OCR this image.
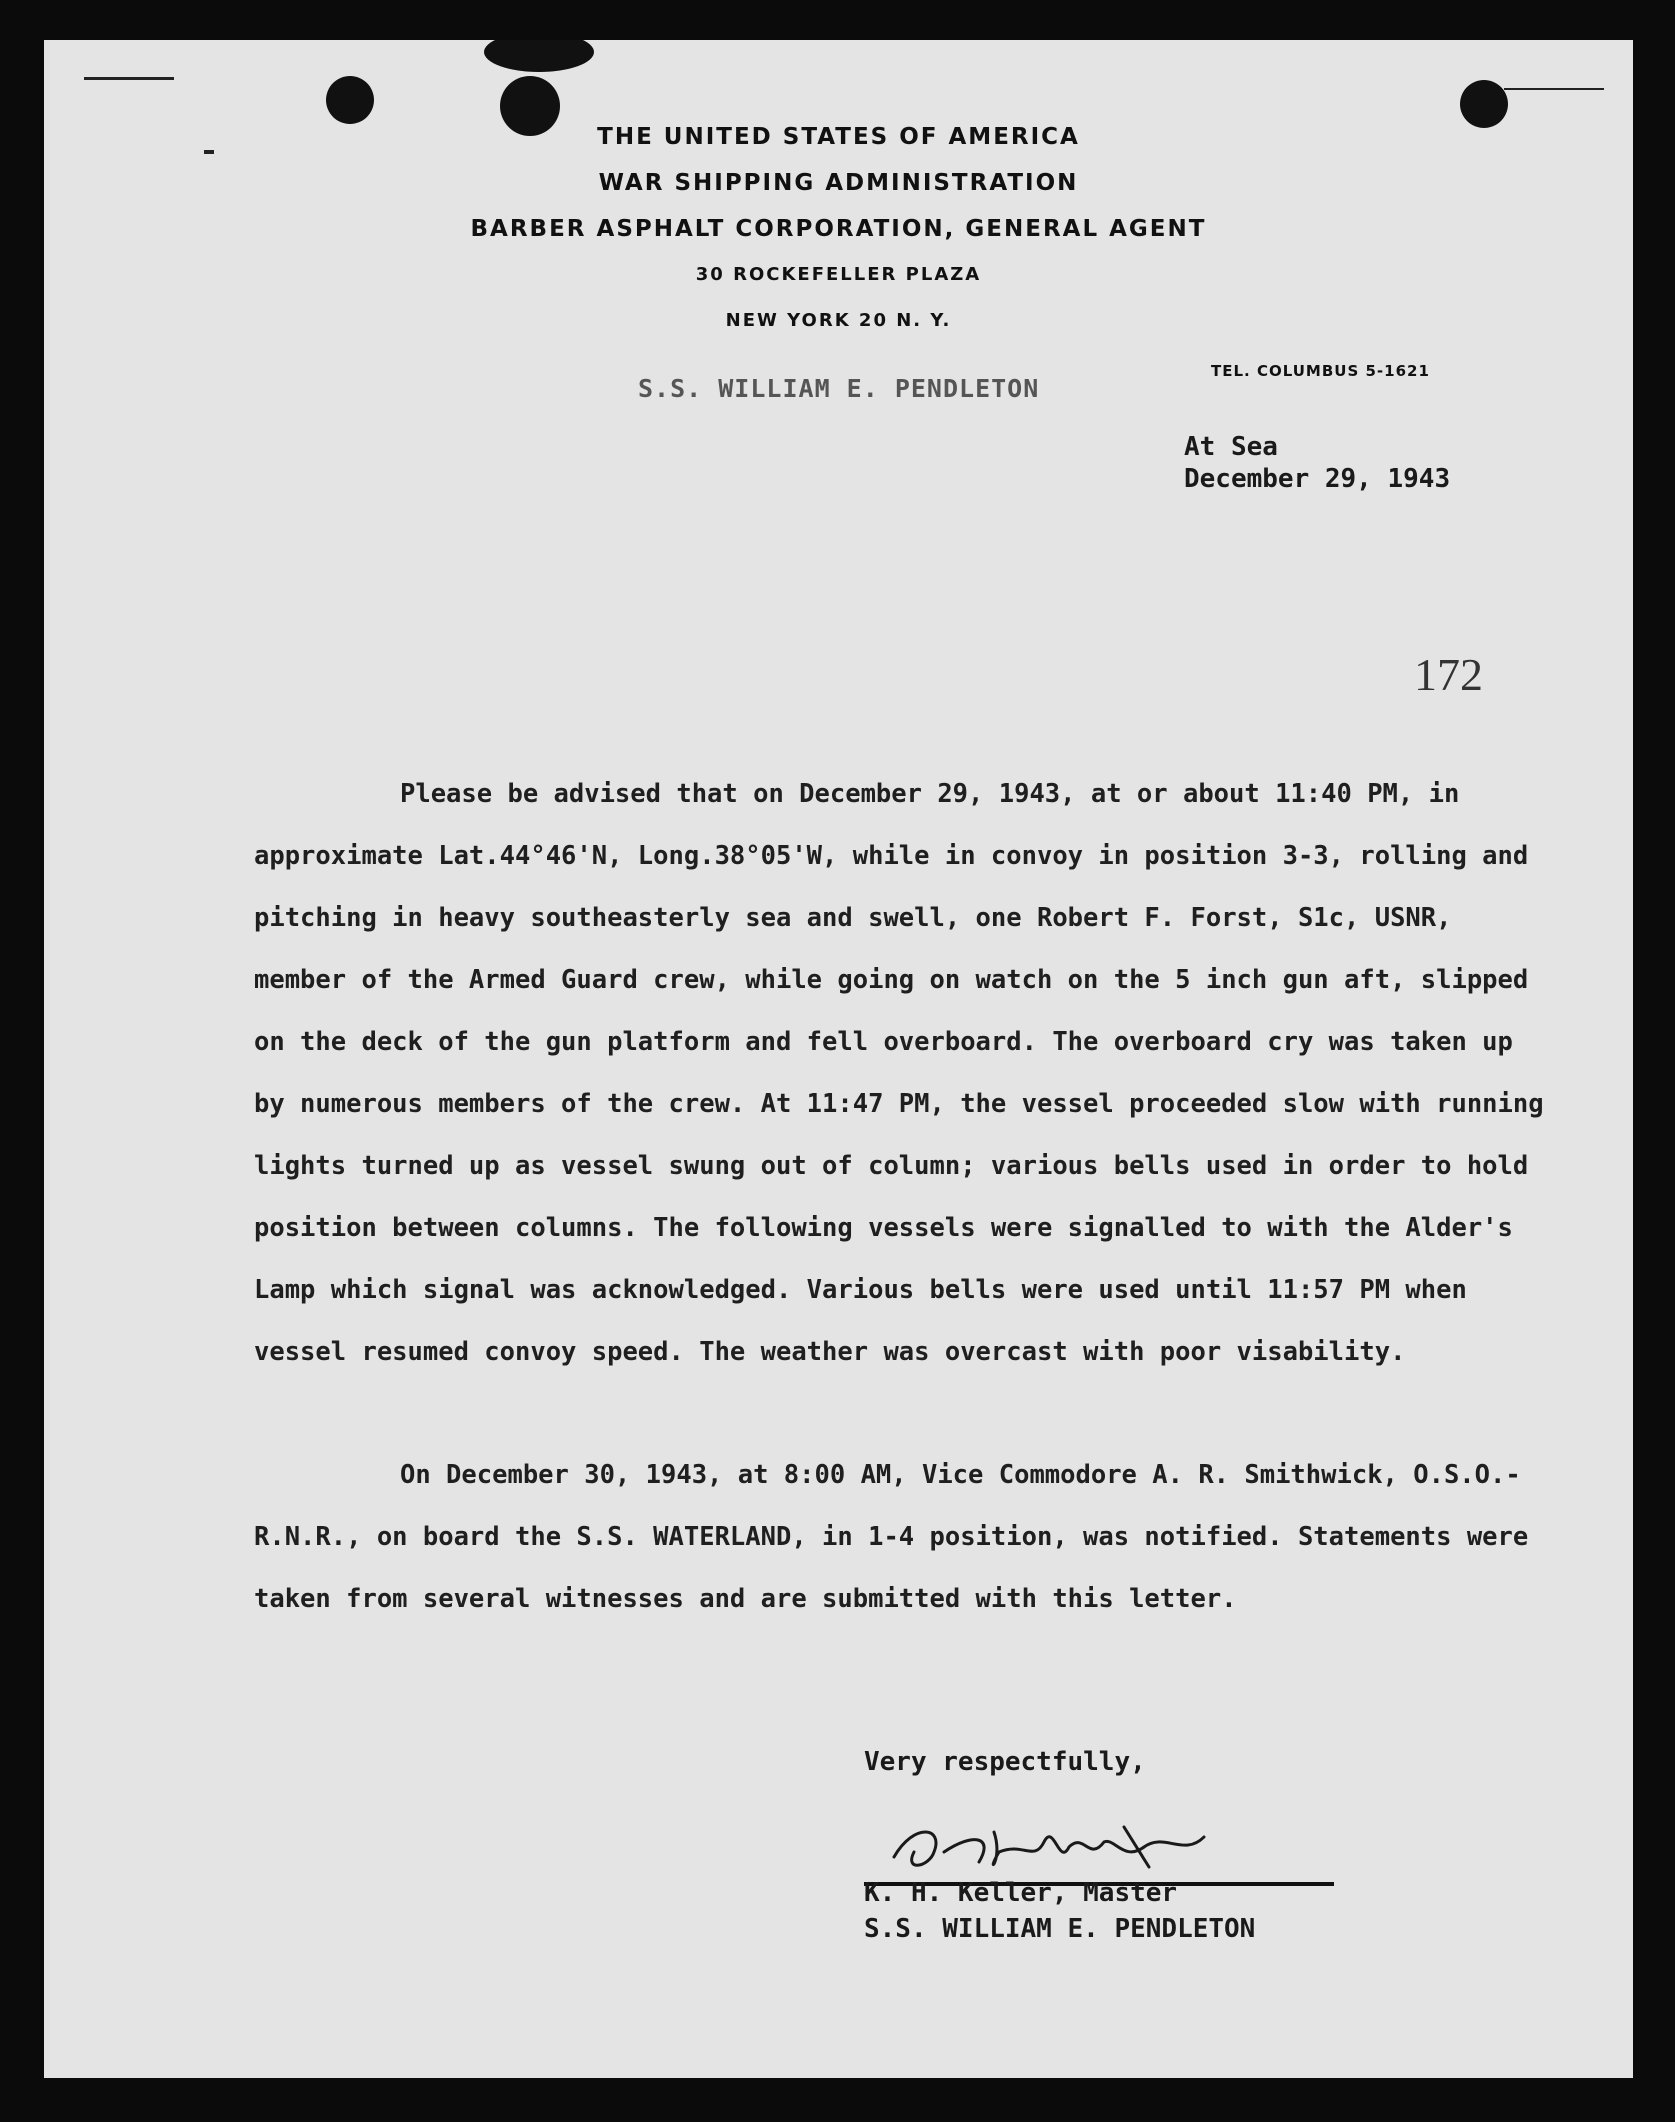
THE UNITED STATES OF AMERICA
WAR SHIPPING ADMINISTRATION
BARBER ASPHALT CORPORATION, GENERAL AGENT
30 ROCKEFELLER PLAZA
NEW YORK 20 N. Y.
TEL. COLUMBUS 5-1621
S.S. WILLIAM E. PENDLETON
At Sea
December 29, 1943
172
Please be advised that on December 29, 1943, at or about 11:40 PM, in approximate Lat.44°46'N, Long.38°05'W, while in convoy in position 3-3, rolling and pitching in heavy southeasterly sea and swell, one Robert F. Forst, S1c, USNR, member of the Armed Guard crew, while going on watch on the 5 inch gun aft, slipped on the deck of the gun platform and fell overboard. The overboard cry was taken up by numerous members of the crew. At 11:47 PM, the vessel proceeded slow with running lights turned up as vessel swung out of column; various bells used in order to hold position between columns. The following vessels were signalled to with the Alder's Lamp which signal was acknowledged. Various bells were used until 11:57 PM when vessel resumed convoy speed. The weather was overcast with poor visability.
On December 30, 1943, at 8:00 AM, Vice Commodore A. R. Smithwick, O.S.O.-R.N.R., on board the S.S. WATERLAND, in 1-4 position, was notified. Statements were taken from several witnesses and are submitted with this letter.
Very respectfully,
K. H. Keller, Master
S.S. WILLIAM E. PENDLETON
